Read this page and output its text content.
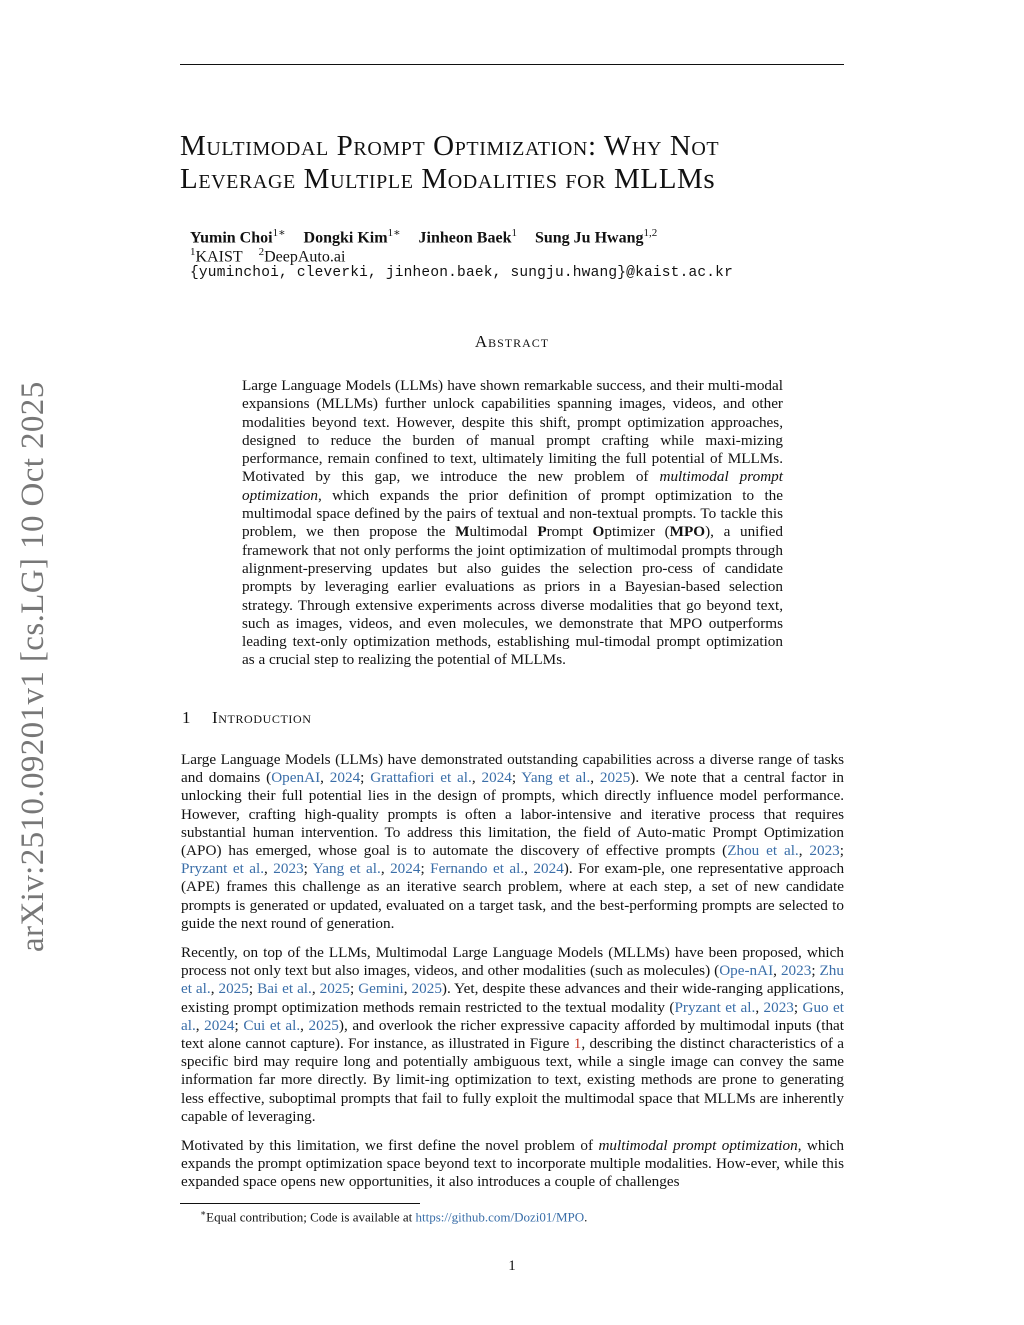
arXiv:2510.09201v1 [cs.LG] 10 Oct 2025
Multimodal Prompt Optimization: Why Not
Leverage Multiple Modalities for MLLMs
Yumin Choi$^{1∗}$ Dongki Kim$^{1∗}$ Jinheon Baek$^1$ Sung Ju Hwang$^{1,2}$
$^1$KAIST $^2$DeepAuto.ai
{yuminchoi, cleverki, jinheon.baek, sungju.hwang}@kaist.ac.kr
Abstract
Large Language Models (LLMs) have shown remarkable success, and their multi-modal expansions (MLLMs) further unlock capabilities spanning images, videos, and other modalities beyond text. However, despite this shift, prompt optimization approaches, designed to reduce the burden of manual prompt crafting while maxi-mizing performance, remain confined to text, ultimately limiting the full potential of MLLMs. Motivated by this gap, we introduce the new problem of multimodal prompt optimization, which expands the prior definition of prompt optimization to the multimodal space defined by the pairs of textual and non-textual prompts. To tackle this problem, we then propose the Multimodal Prompt Optimizer (MPO), a unified framework that not only performs the joint optimization of multimodal prompts through alignment-preserving updates but also guides the selection pro-cess of candidate prompts by leveraging earlier evaluations as priors in a Bayesian-based selection strategy. Through extensive experiments across diverse modalities that go beyond text, such as images, videos, and even molecules, we demonstrate that MPO outperforms leading text-only optimization methods, establishing mul-timodal prompt optimization as a crucial step to realizing the potential of MLLMs.
1 Introduction
Large Language Models (LLMs) have demonstrated outstanding capabilities across a diverse range of tasks and domains (OpenAI, 2024; Grattafiori et al., 2024; Yang et al., 2025). We note that a central factor in unlocking their full potential lies in the design of prompts, which directly influence model performance. However, crafting high-quality prompts is often a labor-intensive and iterative process that requires substantial human intervention. To address this limitation, the field of Auto-matic Prompt Optimization (APO) has emerged, whose goal is to automate the discovery of effective prompts (Zhou et al., 2023; Pryzant et al., 2023; Yang et al., 2024; Fernando et al., 2024). For exam-ple, one representative approach (APE) frames this challenge as an iterative search problem, where at each step, a set of new candidate prompts is generated or updated, evaluated on a target task, and the best-performing prompts are selected to guide the next round of generation.
Recently, on top of the LLMs, Multimodal Large Language Models (MLLMs) have been proposed, which process not only text but also images, videos, and other modalities (such as molecules) (Ope-nAI, 2023; Zhu et al., 2025; Bai et al., 2025; Gemini, 2025). Yet, despite these advances and their wide-ranging applications, existing prompt optimization methods remain restricted to the textual modality (Pryzant et al., 2023; Guo et al., 2024; Cui et al., 2025), and overlook the richer expressive capacity afforded by multimodal inputs (that text alone cannot capture). For instance, as illustrated in Figure 1, describing the distinct characteristics of a specific bird may require long and potentially ambiguous text, while a single image can convey the same information far more directly. By limit-ing optimization to text, existing methods are prone to generating less effective, suboptimal prompts that fail to fully exploit the multimodal space that MLLMs are inherently capable of leveraging.
Motivated by this limitation, we first define the novel problem of multimodal prompt optimization, which expands the prompt optimization space beyond text to incorporate multiple modalities. How-ever, while this expanded space opens new opportunities, it also introduces a couple of challenges
∗Equal contribution; Code is available at https://github.com/Dozi01/MPO.
1
